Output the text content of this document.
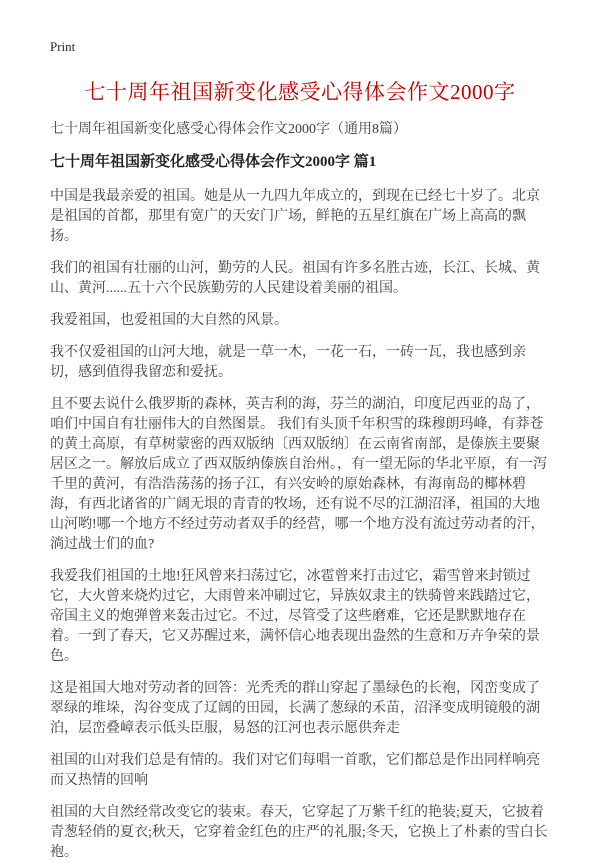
Print
七十周年祖国新变化感受心得体会作文2000字
七十周年祖国新变化感受心得体会作文2000字（通用8篇）
七十周年祖国新变化感受心得体会作文2000字 篇1

中国是我最亲爱的祖国。她是从一九四九年成立的，到现在已经七十岁了。北京是祖国的首都，那里有宽广的天安门广场，鲜艳的五星红旗在广场上高高的飘扬。

我们的祖国有壮丽的山河，勤劳的人民。祖国有许多名胜古迹，长江、长城、黄山、黄河......五十六个民族勤劳的人民建设着美丽的祖国。

我爱祖国，也爱祖国的大自然的风景。

我不仅爱祖国的山河大地，就是一草一木，一花一石，一砖一瓦，我也感到亲切，感到值得我留恋和爱抚。

且不要去说什么俄罗斯的森林，英吉利的海，芬兰的湖泊，印度尼西亚的岛了，咱们中国自有壮丽伟大的自然图景。 我们有头顶千年积雪的珠穆朗玛峰，有莽苍的黄土高原，有草树蒙密的西双版纳〔西双版纳〕在云南省南部，是傣族主要聚居区之一。解放后成立了西双版纳傣族自治州。，有一望无际的华北平原，有一泻千里的黄河，有浩浩荡荡的扬子江，有兴安岭的原始森林，有海南岛的椰林碧海，有西北诸省的广阔无垠的青青的牧场，还有说不尽的江湖沼泽，祖国的大地山河哟!哪一个地方不经过劳动者双手的经营，哪一个地方没有流过劳动者的汗，淌过战士们的血?

我爱我们祖国的土地!狂风曾来扫荡过它，冰雹曾来打击过它，霜雪曾来封锁过它，大火曾来烧灼过它，大雨曾来冲刷过它，异族奴隶主的铁骑曾来践踏过它，帝国主义的炮弹曾来轰击过它。不过，尽管受了这些磨难，它还是默默地存在着。一到了春天，它又苏醒过来，满怀信心地表现出盎然的生意和万卉争荣的景色。

这是祖国大地对劳动者的回答：光秃秃的群山穿起了墨绿色的长袍，冈峦变成了翠绿的堆垛，沟谷变成了辽阔的田园，长满了葱绿的禾苗，沼泽变成明镜般的湖泊，层峦叠嶂表示低头臣服，易怒的江河也表示愿供奔走

祖国的山对我们总是有情的。我们对它们每唱一首歌，它们都总是作出同样响亮而又热情的回响

祖国的大自然经常改变它的装束。春天，它穿起了万紫千红的艳装;夏天，它披着青葱轻俏的夏衣;秋天，它穿着金红色的庄严的礼服;冬天，它换上了朴素的雪白长袍。
